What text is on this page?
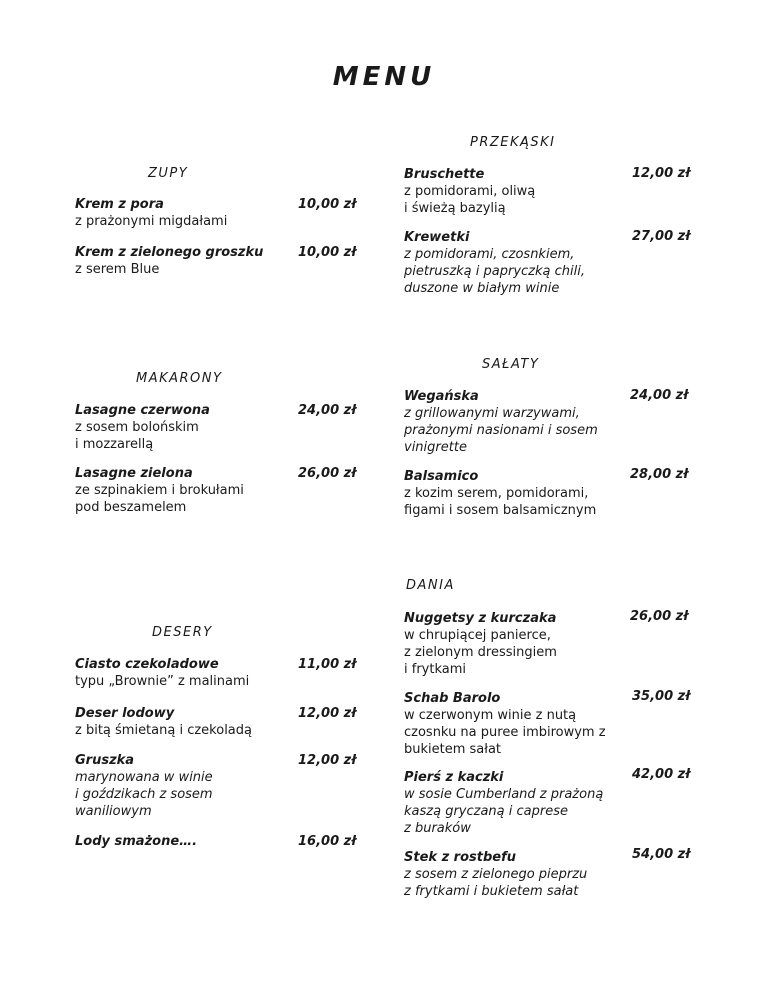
MENU
ZUPY
Krem z pora
z prażonymi migdałami
10,00 zł
Krem z zielonego groszku
z serem Blue
10,00 zł
MAKARONY
Lasagne czerwona
z sosem bolońskim
i mozzarellą
24,00 zł
Lasagne zielona
ze szpinakiem i brokułami
pod beszamelem
26,00 zł
DESERY
Ciasto czekoladowe
typu „Brownie” z malinami
11,00 zł
Deser lodowy
z bitą śmietaną i czekoladą
12,00 zł
Gruszka
marynowana w winie
i goździkach z sosem
waniliowym
12,00 zł
Lody smażone….	16,00 zł
PRZEKĄSKI
Bruschette
z pomidorami, oliwą
i świeżą bazylią
12,00 zł
Krewetki
z pomidorami, czosnkiem,
pietruszką i papryczką chili,
duszone w białym winie
27,00 zł
SAŁATY
Wegańska
z grillowanymi warzywami,
prażonymi nasionami i sosem
vinigrette
24,00 zł
Balsamico
z kozim serem, pomidorami,
figami i sosem balsamicznym
28,00 zł
DANIA
Nuggetsy z kurczaka
w chrupiącej panierce,
z zielonym dressingiem
i frytkami
26,00 zł
Schab Barolo
w czerwonym winie z nutą
czosnku na puree imbirowym z
bukietem sałat
35,00 zł
Pierś z kaczki
w sosie Cumberland z prażoną
kaszą gryczaną i caprese
z buraków
42,00 zł
Stek z rostbefu
z sosem z zielonego pieprzu
z frytkami i bukietem sałat
54,00 zł
